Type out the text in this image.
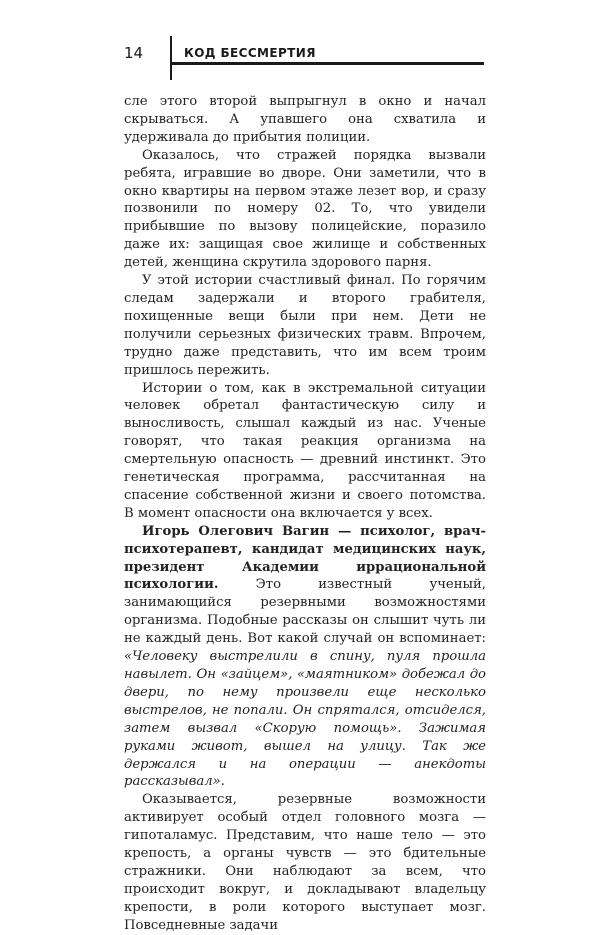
14	КОД БЕССМЕРТИЯ

сле этого второй выпрыгнул в окно и начал скрываться. А упавшего она схватила и удерживала до прибытия полиции.

Оказалось, что стражей порядка вызвали ребята, игравшие во дворе. Они заметили, что в окно квартиры на первом этаже лезет вор, и сразу позвонили по номеру 02. То, что увидели прибывшие по вызову полицейские, поразило даже их: защищая свое жилище и собственных детей, женщина скрутила здорового парня.

У этой истории счастливый финал. По горячим следам задержали и второго грабителя, похищенные вещи были при нем. Дети не получили серьезных физических травм. Впрочем, трудно даже представить, что им всем троим пришлось пережить.

Истории о том, как в экстремальной ситуации человек обретал фантастическую силу и выносливость, слышал каждый из нас. Ученые говорят, что такая реакция организма на смертельную опасность — древний инстинкт. Это генетическая программа, рассчитанная на спасение собственной жизни и своего потомства. В момент опасности она включается у всех.

Игорь Олегович Вагин — психолог, врач-психотерапевт, кандидат медицинских наук, президент Академии иррациональной психологии. Это известный ученый, занимающийся резервными возможностями организма. Подобные рассказы он слышит чуть ли не каждый день. Вот какой случай он вспоминает: «Человеку выстрелили в спину, пуля прошла навылет. Он «зайцем», «маятником» добежал до двери, по нему произвели еще несколько выстрелов, не попали. Он спрятался, отсиделся, затем вызвал «Скорую помощь». Зажимая руками живот, вышел на улицу. Так же держался и на операции — анекдоты рассказывал».

Оказывается, резервные возможности активирует особый отдел головного мозга — гипоталамус. Представим, что наше тело — это крепость, а органы чувств — это бдительные стражники. Они наблюдают за всем, что происходит вокруг, и докладывают владельцу крепости, в роли которого выступает мозг. Повседневные задачи
